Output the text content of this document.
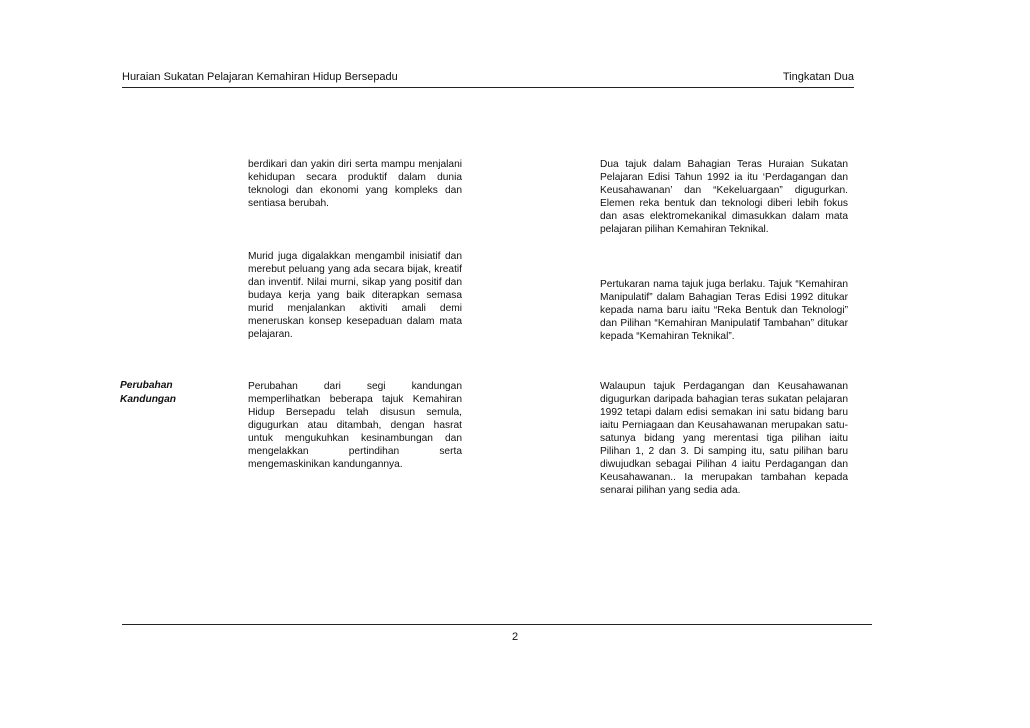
Huraian Sukatan Pelajaran Kemahiran Hidup Bersepadu	Tingkatan Dua

berdikari dan yakin diri serta mampu menjalani kehidupan secara produktif dalam dunia teknologi dan ekonomi yang kompleks dan sentiasa berubah.

Murid juga digalakkan mengambil inisiatif dan merebut peluang yang ada secara bijak, kreatif dan inventif. Nilai murni, sikap yang positif dan budaya kerja yang baik diterapkan semasa murid menjalankan aktiviti amali demi meneruskan konsep kesepaduan dalam mata pelajaran.

Dua tajuk dalam Bahagian Teras Huraian Sukatan Pelajaran Edisi Tahun 1992 ia itu ‘Perdagangan dan Keusahawanan’ dan “Kekeluargaan” digugurkan. Elemen reka bentuk dan teknologi diberi lebih fokus dan asas elektromekanikal dimasukkan dalam mata pelajaran pilihan Kemahiran Teknikal.

Pertukaran nama tajuk juga berlaku. Tajuk “Kemahiran Manipulatif” dalam Bahagian Teras Edisi 1992 ditukar kepada nama baru iaitu “Reka Bentuk dan Teknologi” dan Pilihan “Kemahiran Manipulatif Tambahan” ditukar kepada “Kemahiran Teknikal”.

Perubahan
Kandungan

Perubahan dari segi kandungan memperlihatkan beberapa tajuk Kemahiran Hidup Bersepadu telah disusun semula, digugurkan atau ditambah, dengan hasrat untuk mengukuhkan kesinambungan dan mengelakkan pertindihan serta mengemaskinikan kandungannya.

Walaupun tajuk Perdagangan dan Keusahawanan digugurkan daripada bahagian teras sukatan pelajaran 1992 tetapi dalam edisi semakan ini satu bidang baru iaitu Perniagaan dan Keusahawanan merupakan satu-satunya bidang yang merentasi tiga pilihan iaitu Pilihan 1, 2 dan 3. Di samping itu, satu pilihan baru diwujudkan sebagai Pilihan 4 iaitu Perdagangan dan Keusahawanan.. Ia merupakan tambahan kepada senarai pilihan yang sedia ada.

2
